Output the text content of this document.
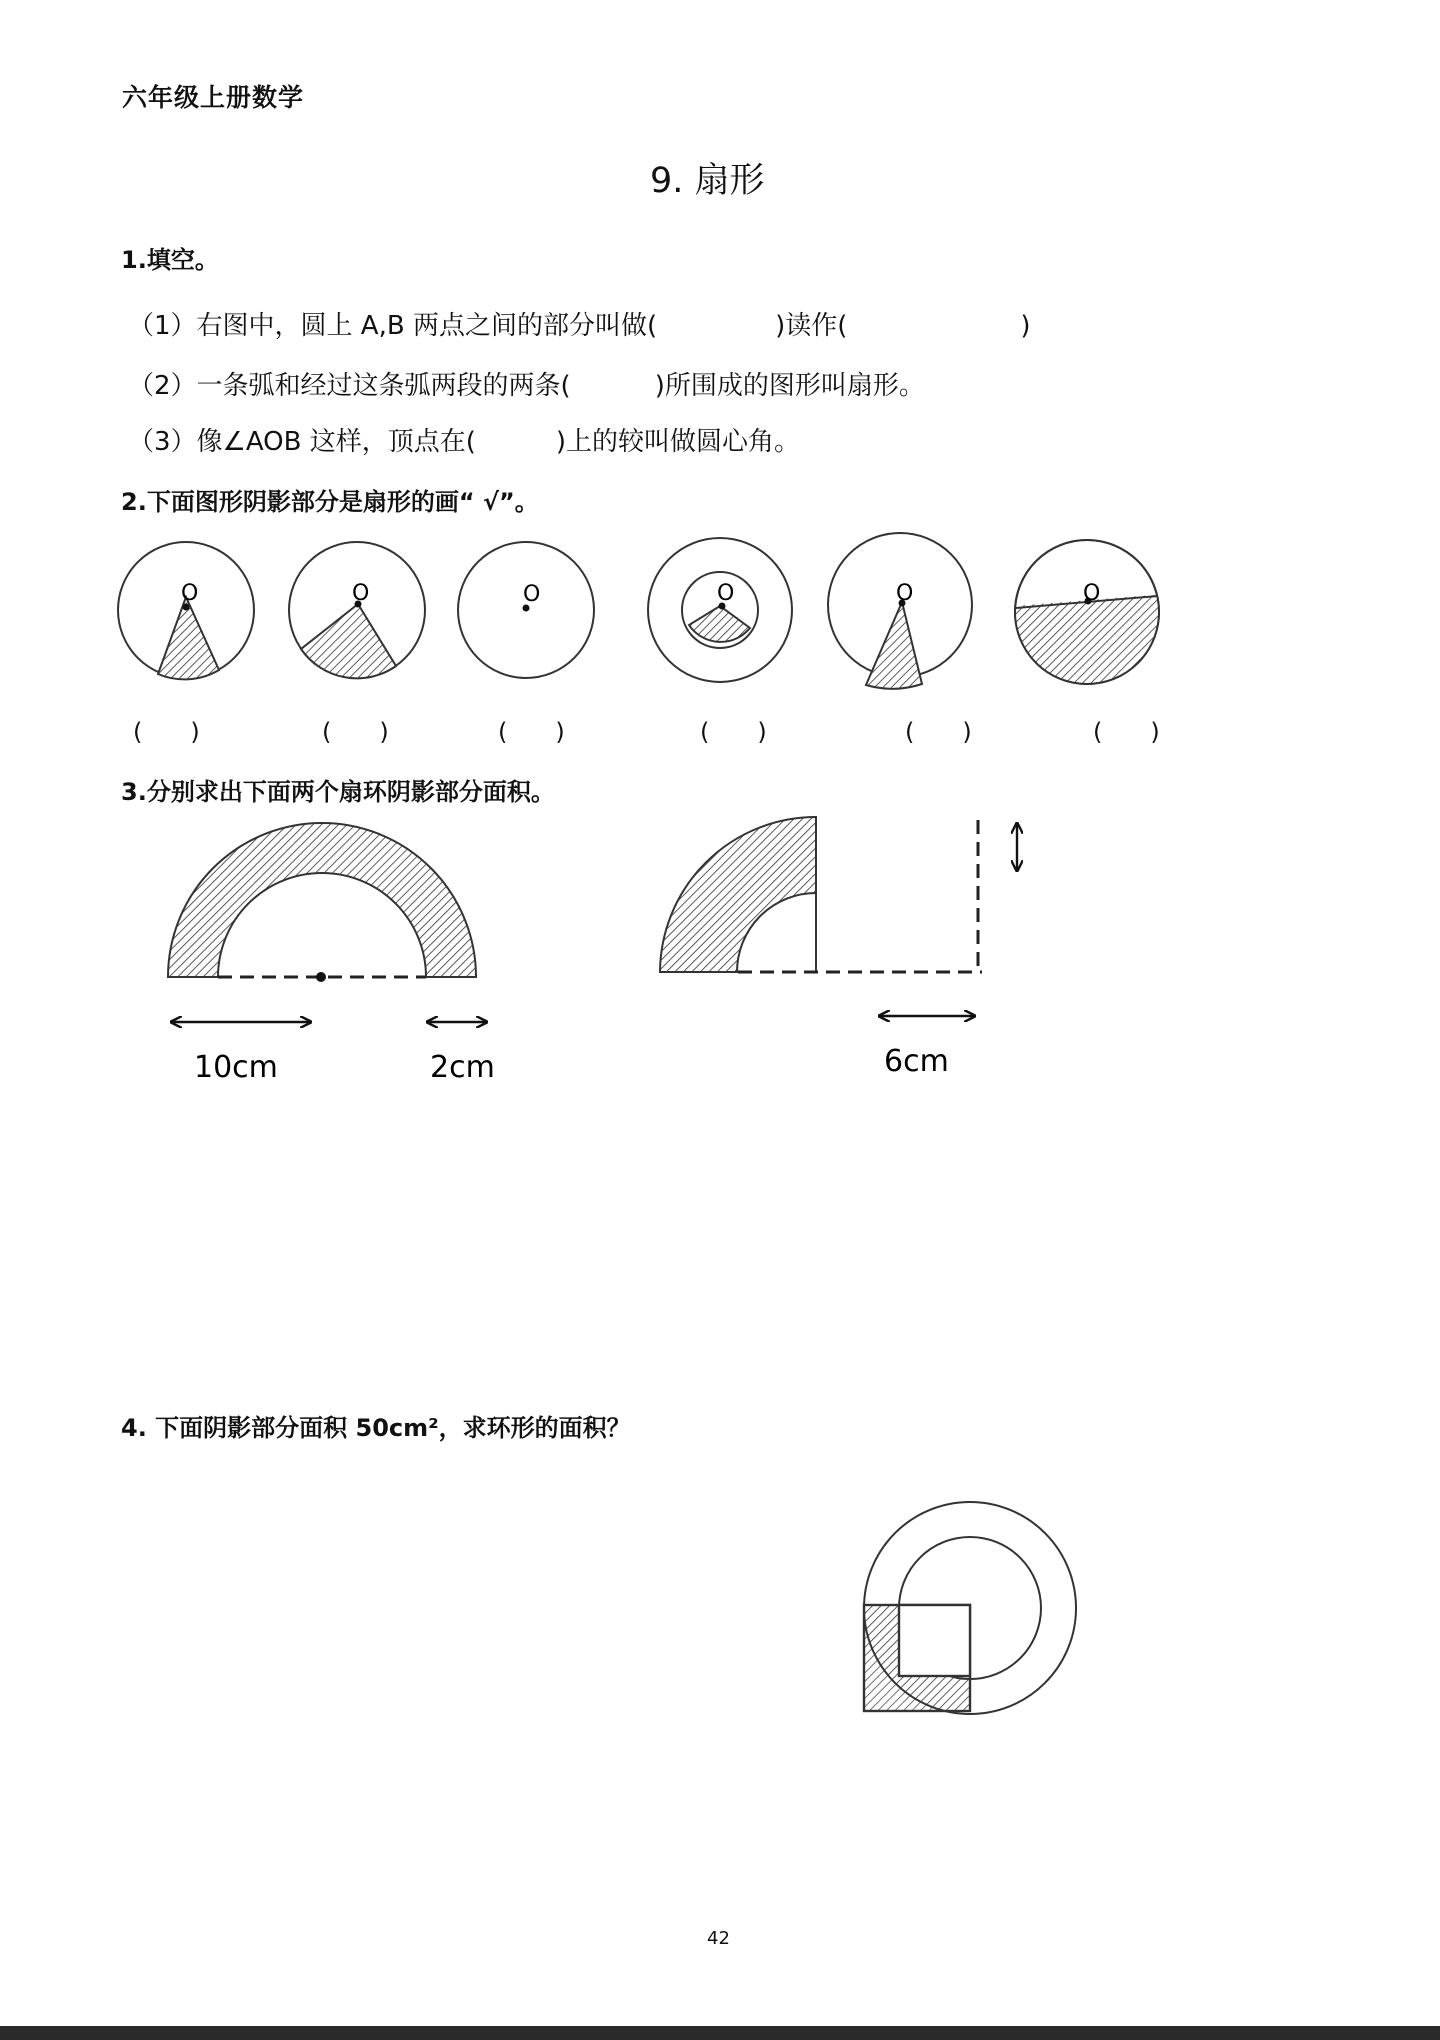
六年级上册数学
9. 扇形
1.填空。
（1）右图中，圆上 A,B 两点之间的部分叫做(	)读作(	)
（2）一条弧和经过这条弧两段的两条(	)所围成的图形叫扇形。
（3）像∠AOB 这样，顶点在(	)上的较叫做圆心角。
2.下面图形阴影部分是扇形的画“ √”。
(　　)	(　　)	(　　)	(　　)	(　　)	(　　)
3.分别求出下面两个扇环阴影部分面积。
4. 下面阴影部分面积 50cm²，求环形的面积？
42
O	O	O	O	O	O
10cm	2cm	6cm
